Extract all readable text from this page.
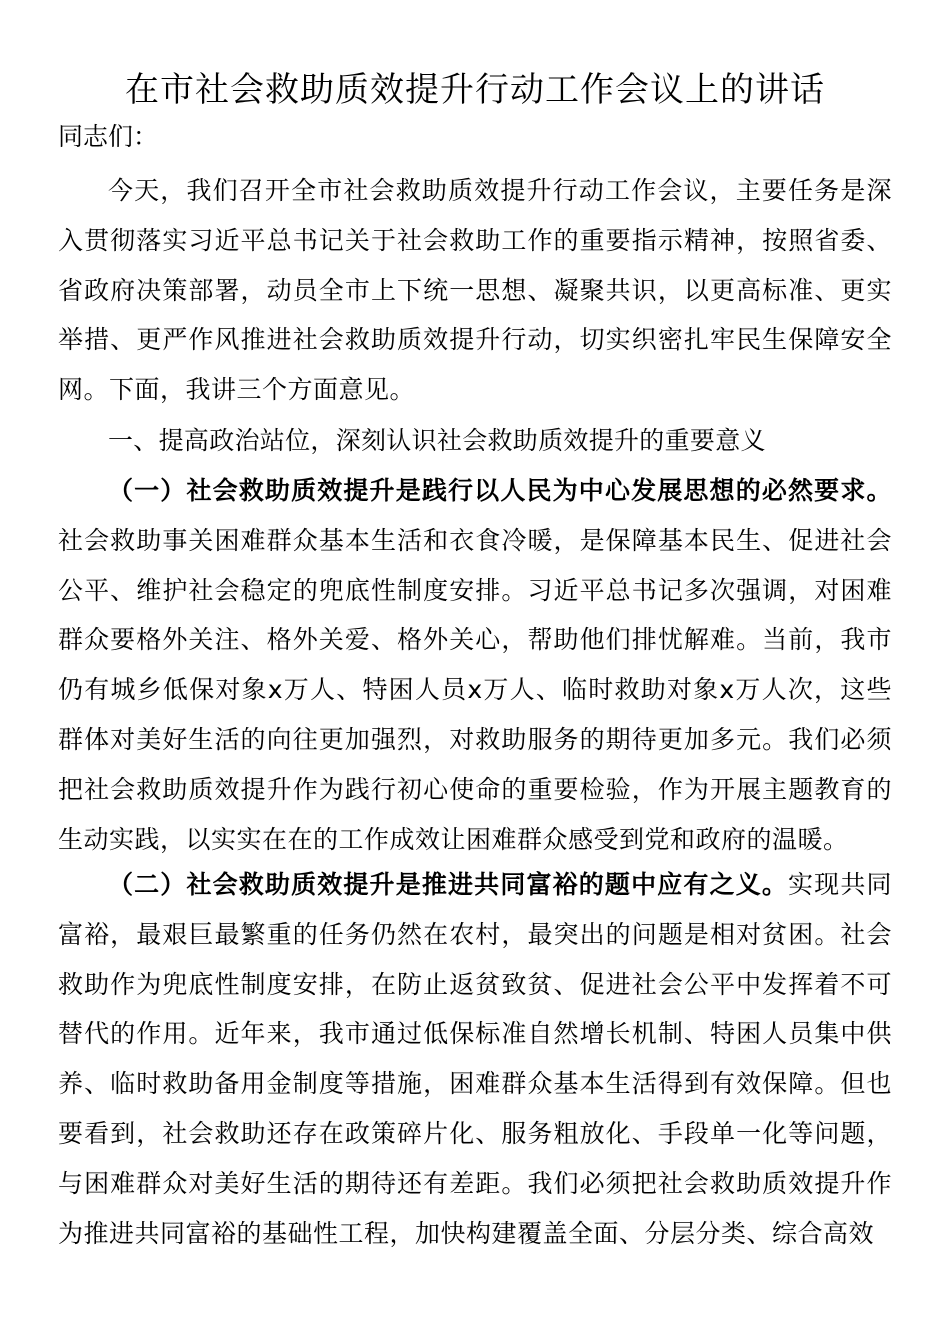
在市社会救助质效提升行动工作会议上的讲话

同志们：

今天，我们召开全市社会救助质效提升行动工作会议，主要任务是深入贯彻落实习近平总书记关于社会救助工作的重要指示精神，按照省委、省政府决策部署，动员全市上下统一思想、凝聚共识，以更高标准、更实举措、更严作风推进社会救助质效提升行动，切实织密扎牢民生保障安全网。下面，我讲三个方面意见。

一、提高政治站位，深刻认识社会救助质效提升的重要意义

（一）社会救助质效提升是践行以人民为中心发展思想的必然要求。社会救助事关困难群众基本生活和衣食冷暖，是保障基本民生、促进社会公平、维护社会稳定的兜底性制度安排。习近平总书记多次强调，对困难群众要格外关注、格外关爱、格外关心，帮助他们排忧解难。当前，我市仍有城乡低保对象x万人、特困人员x万人、临时救助对象x万人次，这些群体对美好生活的向往更加强烈，对救助服务的期待更加多元。我们必须把社会救助质效提升作为践行初心使命的重要检验，作为开展主题教育的生动实践，以实实在在的工作成效让困难群众感受到党和政府的温暖。

（二）社会救助质效提升是推进共同富裕的题中应有之义。实现共同富裕，最艰巨最繁重的任务仍然在农村，最突出的问题是相对贫困。社会救助作为兜底性制度安排，在防止返贫致贫、促进社会公平中发挥着不可替代的作用。近年来，我市通过低保标准自然增长机制、特困人员集中供养、临时救助备用金制度等措施，困难群众基本生活得到有效保障。但也要看到，社会救助还存在政策碎片化、服务粗放化、手段单一化等问题，与困难群众对美好生活的期待还有差距。我们必须把社会救助质效提升作为推进共同富裕的基础性工程，加快构建覆盖全面、分层分类、综合高效
